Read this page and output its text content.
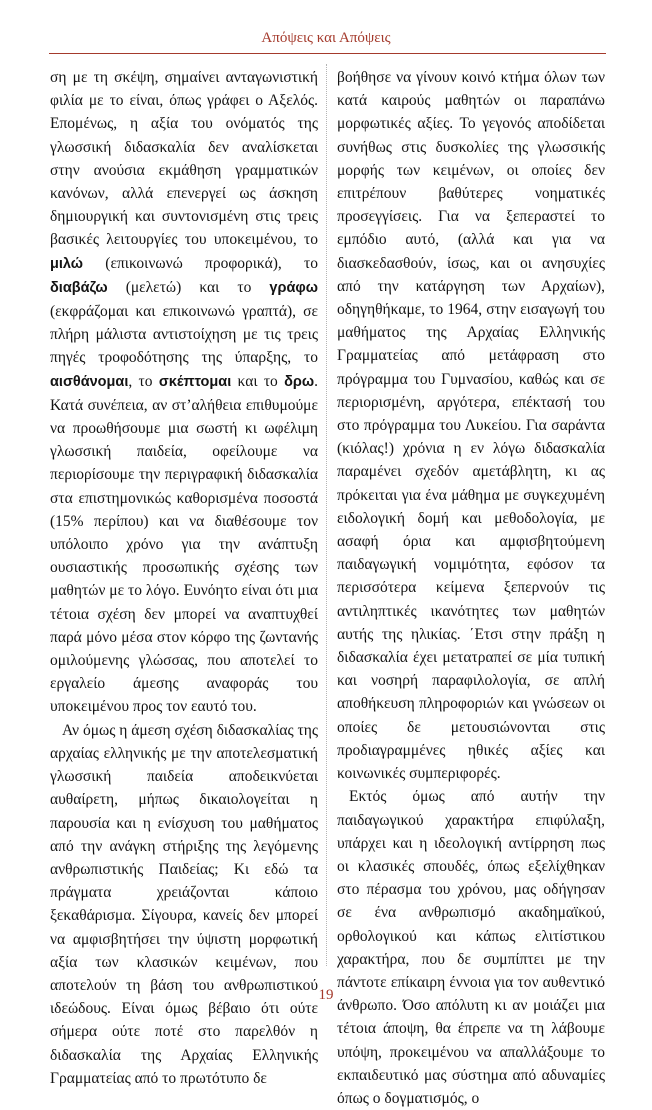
Απόψεις και Απόψεις

ση με τη σκέψη, σημαίνει ανταγωνιστική φιλία με το είναι, όπως γράφει ο Αξελός. Επομένως, η αξία του ονόματός της γλωσσική διδασκαλία δεν αναλίσκεται στην ανούσια εκμάθηση γραμματικών κανόνων, αλλά επενεργεί ως άσκηση δημιουργική και συντονισμένη στις τρεις βασικές λειτουργίες του υποκειμένου, το μιλώ (επικοινωνώ προφορικά), το διαβάζω (μελετώ) και το γράφω (εκφράζομαι και επικοινωνώ γραπτά), σε πλήρη μάλιστα αντιστοίχηση με τις τρεις πηγές τροφοδότησης της ύπαρξης, το αισθάνομαι, το σκέπτομαι και το δρω. Κατά συνέπεια, αν στ’αλήθεια επιθυμούμε να προωθήσουμε μια σωστή κι ωφέλιμη γλωσσική παιδεία, οφείλουμε να περιορίσουμε την περιγραφική διδασκαλία στα επιστημονικώς καθορισμένα ποσοστά (15% περίπου) και να διαθέσουμε τον υπόλοιπο χρόνο για την ανάπτυξη ουσιαστικής προσωπικής σχέσης των μαθητών με το λόγο. Ευνόητο είναι ότι μια τέτοια σχέση δεν μπορεί να αναπτυχθεί παρά μόνο μέσα στον κόρφο της ζωντανής ομιλούμενης γλώσσας, που αποτελεί το εργαλείο άμεσης αναφοράς του υποκειμένου προς τον εαυτό του.

Αν όμως η άμεση σχέση διδασκαλίας της αρχαίας ελληνικής με την αποτελεσματική γλωσσική παιδεία αποδεικνύεται αυθαίρετη, μήπως δικαιολογείται η παρουσία και η ενίσχυση του μαθήματος από την ανάγκη στήριξης της λεγόμενης ανθρωπιστικής Παιδείας; Κι εδώ τα πράγματα χρειάζονται κάποιο ξεκαθάρισμα. Σίγουρα, κανείς δεν μπορεί να αμφισβητήσει την ύψιστη μορφωτική αξία των κλασικών κειμένων, που αποτελούν τη βάση του ανθρωπιστικού ιδεώδους. Είναι όμως βέβαιο ότι ούτε σήμερα ούτε ποτέ στο παρελθόν η διδασκαλία της Αρχαίας Ελληνικής Γραμματείας από το πρωτότυπο δε

βοήθησε να γίνουν κοινό κτήμα όλων των κατά καιρούς μαθητών οι παραπάνω μορφωτικές αξίες. Το γεγονός αποδίδεται συνήθως στις δυσκολίες της γλωσσικής μορφής των κειμένων, οι οποίες δεν επιτρέπουν βαθύτερες νοηματικές προσεγγίσεις. Για να ξεπεραστεί το εμπόδιο αυτό, (αλλά και για να διασκεδασθούν, ίσως, και οι ανησυχίες από την κατάργηση των Αρχαίων), οδηγηθήκαμε, το 1964, στην εισαγωγή του μαθήματος της Αρχαίας Ελληνικής Γραμματείας από μετάφραση στο πρόγραμμα του Γυμνασίου, καθώς και σε περιορισμένη, αργότερα, επέκτασή του στο πρόγραμμα του Λυκείου. Για σαράντα (κιόλας!) χρόνια η εν λόγω διδασκαλία παραμένει σχεδόν αμετάβλητη, κι ας πρόκειται για ένα μάθημα με συγκεχυμένη ειδολογική δομή και μεθοδολογία, με ασαφή όρια και αμφισβητούμενη παιδαγωγική νομιμότητα, εφόσον τα περισσότερα κείμενα ξεπερνούν τις αντιληπτικές ικανότητες των μαθητών αυτής της ηλικίας. ΄Ετσι στην πράξη η διδασκαλία έχει μετατραπεί σε μία τυπική και νοσηρή παραφιλολογία, σε απλή αποθήκευση πληροφοριών και γνώσεων οι οποίες δε μετουσιώνονται στις προδιαγραμμένες ηθικές αξίες και κοινωνικές συμπεριφορές.

Εκτός όμως από αυτήν την παιδαγωγικού χαρακτήρα επιφύλαξη, υπάρχει και η ιδεολογική αντίρρηση πως οι κλασικές σπουδές, όπως εξελίχθηκαν στο πέρασμα του χρόνου, μας οδήγησαν σε ένα ανθρωπισμό ακαδημαϊκού, ορθολογικού και κάπως ελιτίστικου χαρακτήρα, που δε συμπίπτει με την πάντοτε επίκαιρη έννοια για τον αυθεντικό άνθρωπο. Όσο απόλυτη κι αν μοιάζει μια τέτοια άποψη, θα έπρεπε να τη λάβουμε υπόψη, προκειμένου να απαλλάξουμε το εκπαιδευτικό μας σύστημα από αδυναμίες όπως ο δογματισμός, ο

19
